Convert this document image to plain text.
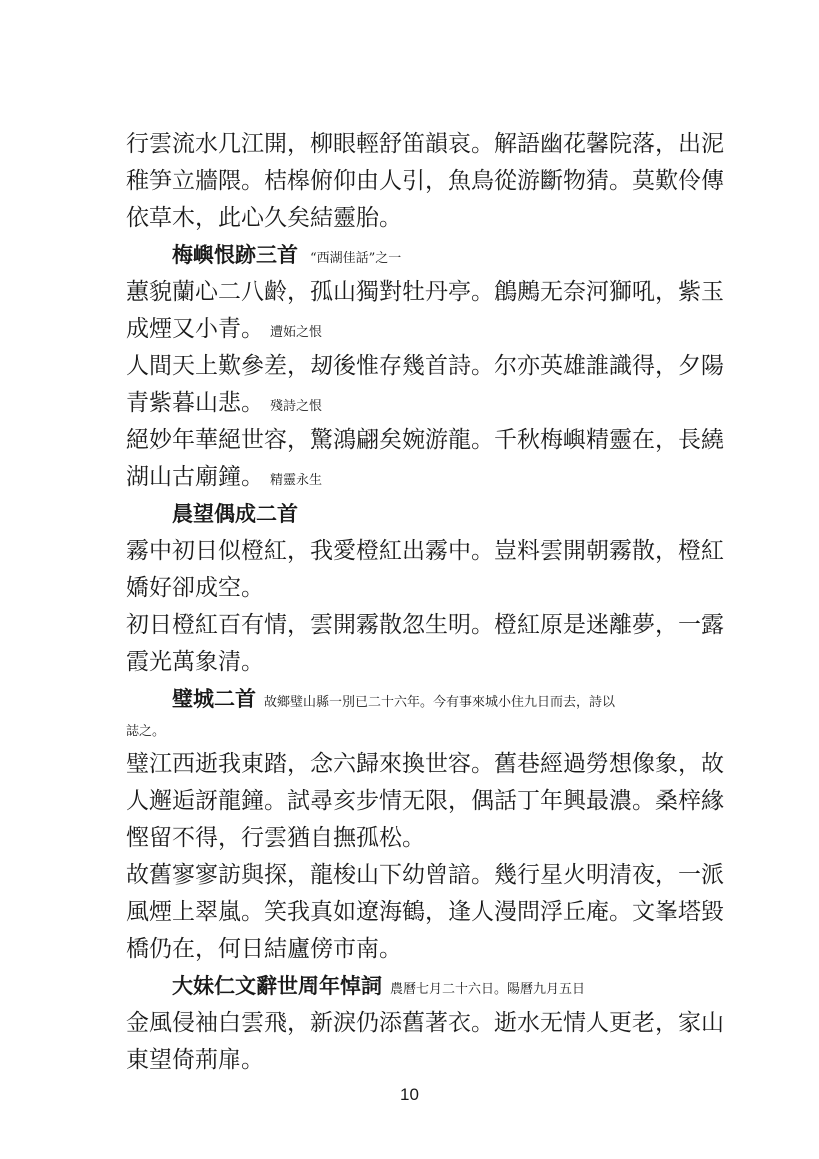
行雲流水几江開，柳眼輕舒笛韻哀。解語幽花馨院落，出泥
稚笋立牆隈。桔槔俯仰由人引，魚鳥從游斷物猜。莫歎伶傳
依草木，此心久矣結靈胎。
梅嶼恨跡三首 “西湖佳話”之一
蕙貌蘭心二八齡，孤山獨對牡丹亭。鶬鶊无奈河獅吼，紫玉
成煙又小青。 遭妬之恨
人間天上歎參差，刼後惟存幾首詩。尔亦英雄誰識得，夕陽
青紫暮山悲。 殘詩之恨
絕妙年華絕世容，驚鴻翩矣婉游龍。千秋梅嶼精靈在，長繞
湖山古廟鐘。 精靈永生
晨望偶成二首
霧中初日似橙紅，我愛橙紅出霧中。豈料雲開朝霧散，橙紅
嬌好卻成空。
初日橙紅百有情，雲開霧散忽生明。橙紅原是迷離夢，一露
霞光萬象清。
璧城二首 故鄉璧山縣一別已二十六年。今有事來城小住九日而去，詩以
誌之。
璧江西逝我東踏，念六歸來換世容。舊巷經過勞想像象，故
人邂逅訝龍鐘。試尋亥步情无限，偶話丁年興最濃。桑梓緣
慳留不得，行雲猶自撫孤松。
故舊寥寥訪與探，龍梭山下幼曾諳。幾行星火明清夜，一派
風煙上翠嵐。笑我真如遼海鶴，逢人漫問浮丘庵。文峯塔毀
橋仍在，何日結廬傍市南。
大妹仁文辭世周年悼詞 農曆七月二十六日。陽曆九月五日
金風侵袖白雲飛，新淚仍添舊著衣。逝水无情人更老，家山
東望倚荊扉。
10
